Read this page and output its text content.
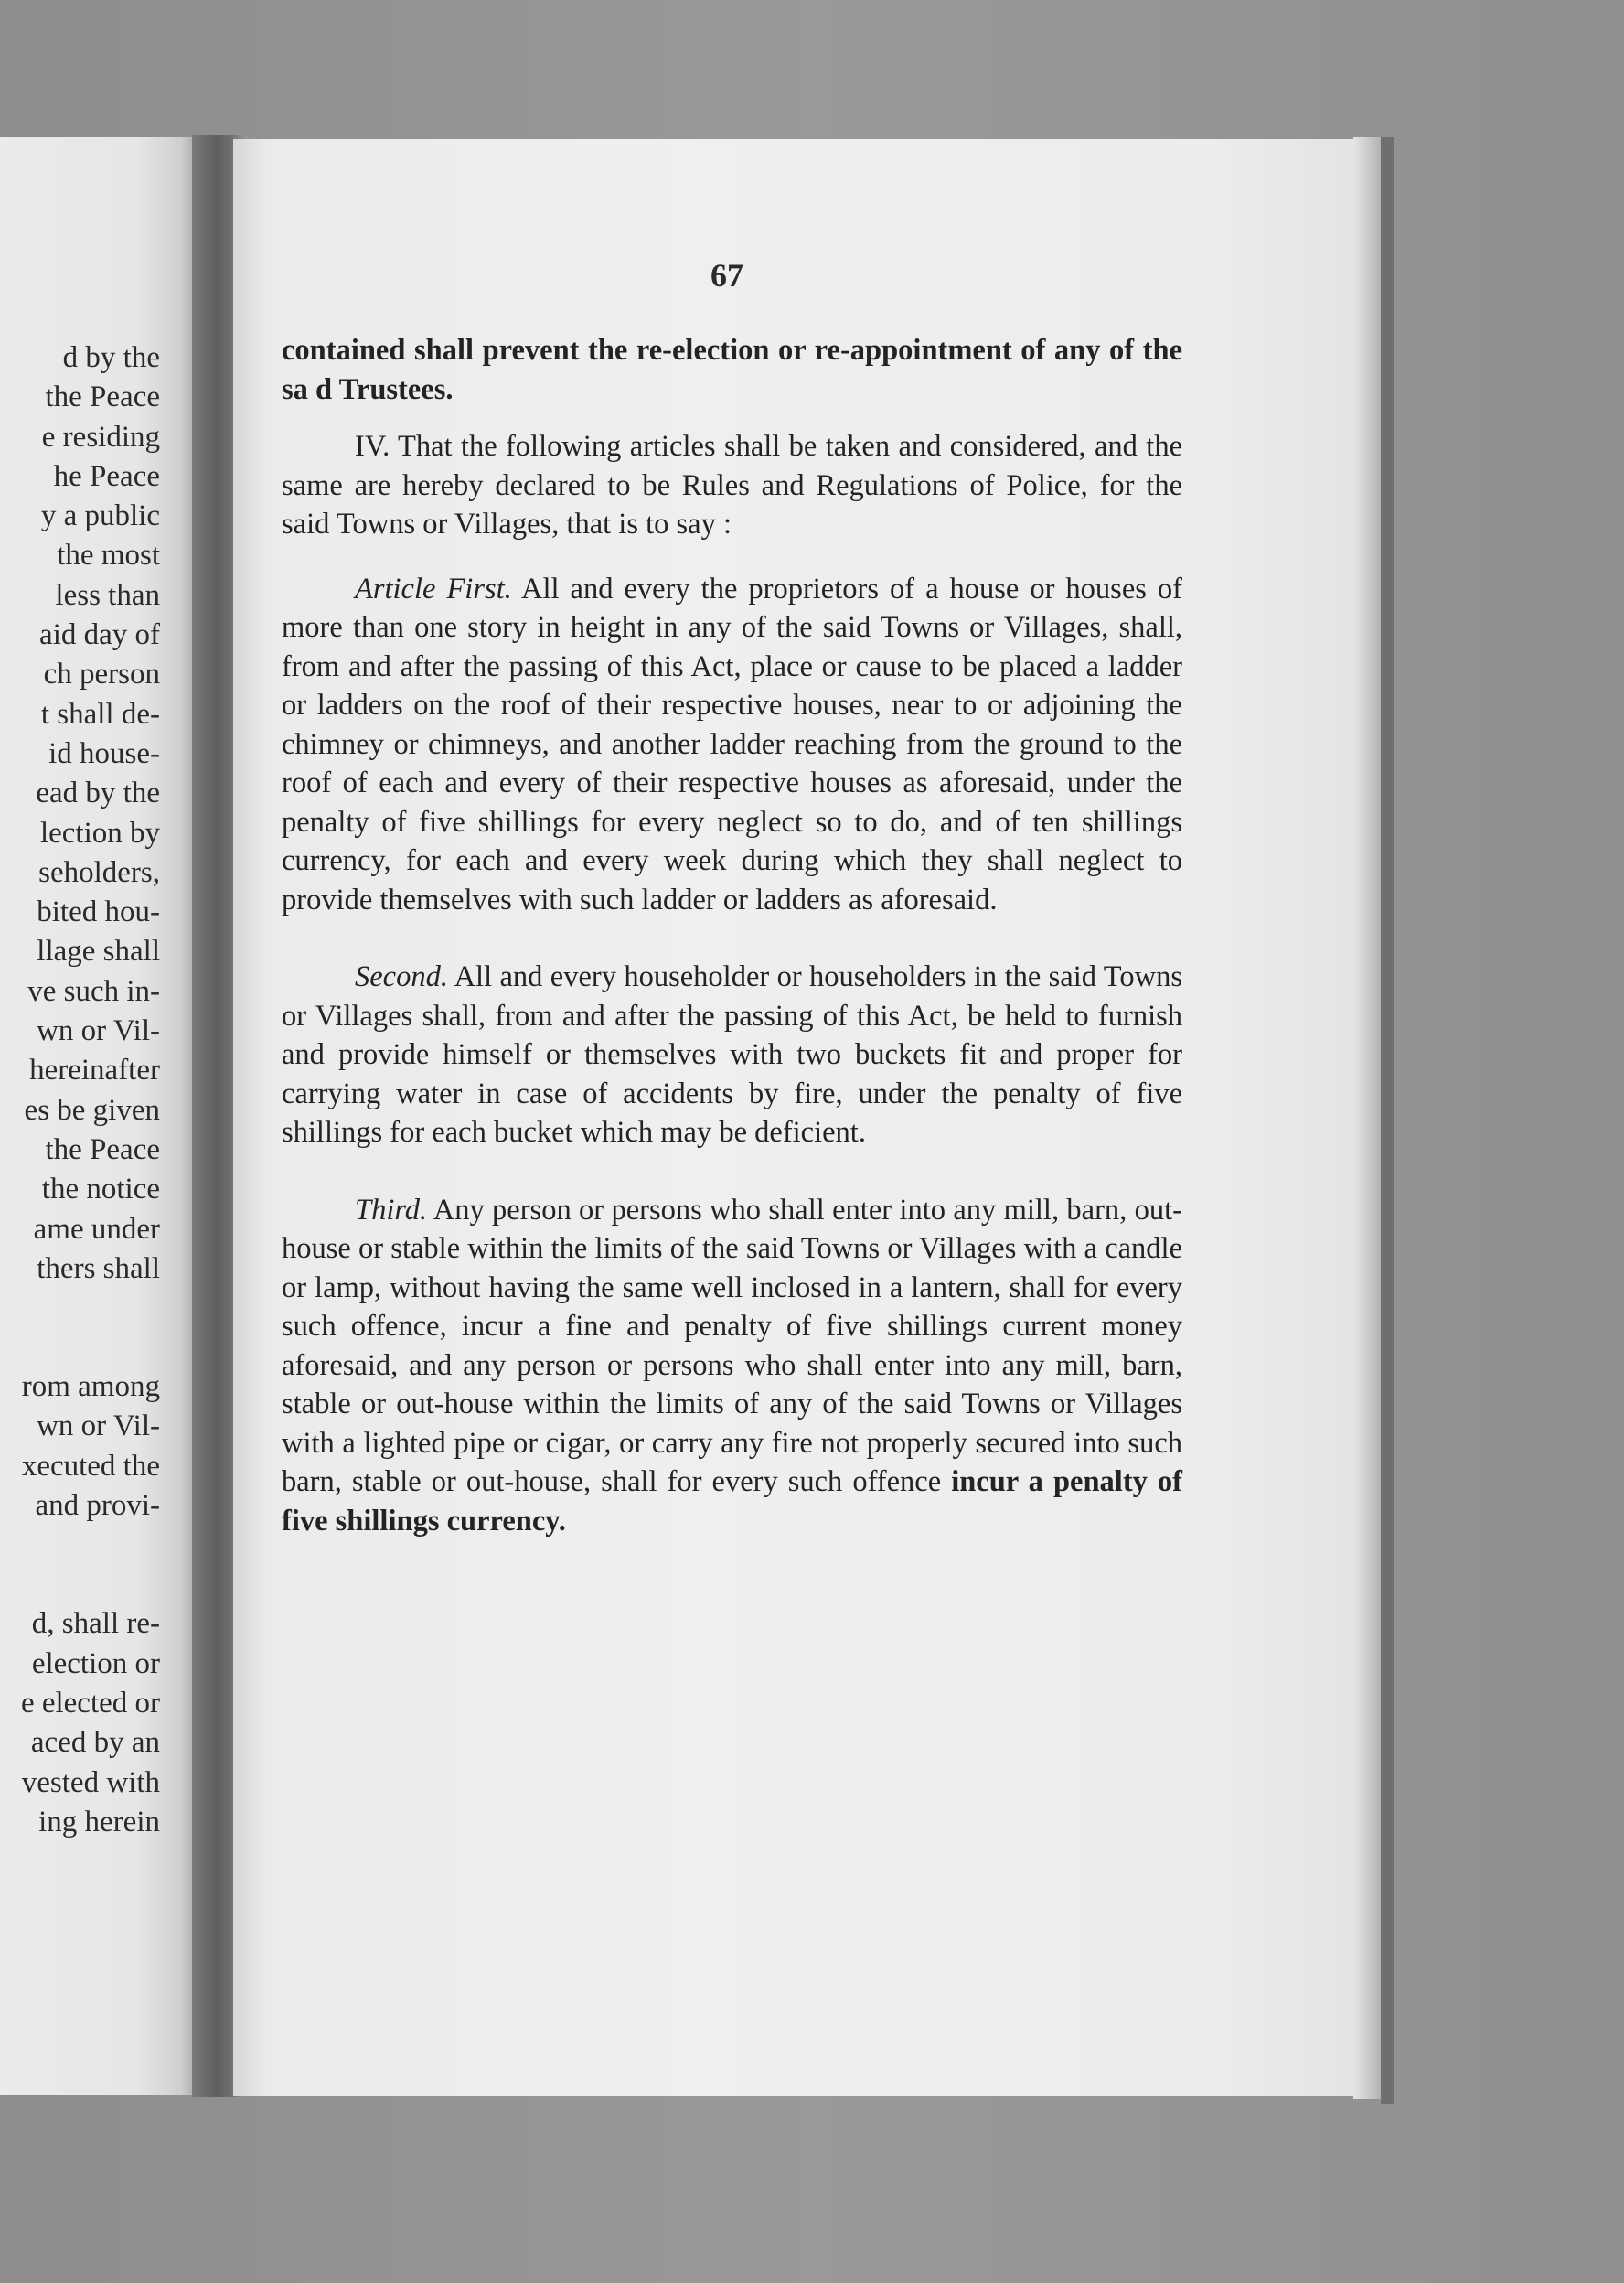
d by the
the Peace
e residing
he Peace
y a public
the most
less than
aid day of
ch person
t shall de-
id house-
ead by the
lection by
seholders,
bited hou-
llage shall
ve such in-
wn or Vil-
hereinafter
es be given
the Peace
the notice
ame under
thers shall
rom among
wn or Vil-
xecuted the
and provi-
d, shall re-
election or
e elected or
aced by an
vested with
ing herein
67

contained shall prevent the re-election or re-appointment of any of the sa d Trustees.

IV. That the following articles shall be taken and considered, and the same are hereby declared to be Rules and Regulations of Police, for the said Towns or Villages, that is to say :

Article First. All and every the proprietors of a house or houses of more than one story in height in any of the said Towns or Villages, shall, from and after the passing of this Act, place or cause to be placed a ladder or ladders on the roof of their respective houses, near to or adjoining the chimney or chimneys, and another ladder reaching from the ground to the roof of each and every of their respective houses as aforesaid, under the penalty of five shillings for every neglect so to do, and of ten shillings currency, for each and every week during which they shall neglect to provide themselves with such ladder or ladders as aforesaid.

Second. All and every householder or householders in the said Towns or Villages shall, from and after the passing of this Act, be held to furnish and provide himself or themselves with two buckets fit and proper for carrying water in case of accidents by fire, under the penalty of five shillings for each bucket which may be deficient.

Third. Any person or persons who shall enter into any mill, barn, out-house or stable within the limits of the said Towns or Villages with a candle or lamp, without having the same well inclosed in a lantern, shall for every such offence, incur a fine and penalty of five shillings current money aforesaid, and any person or persons who shall enter into any mill, barn, stable or out-house within the limits of any of the said Towns or Villages with a lighted pipe or cigar, or carry any fire not properly secured into such barn, stable or out-house, shall for every such offence incur a penalty of five shillings currency.
